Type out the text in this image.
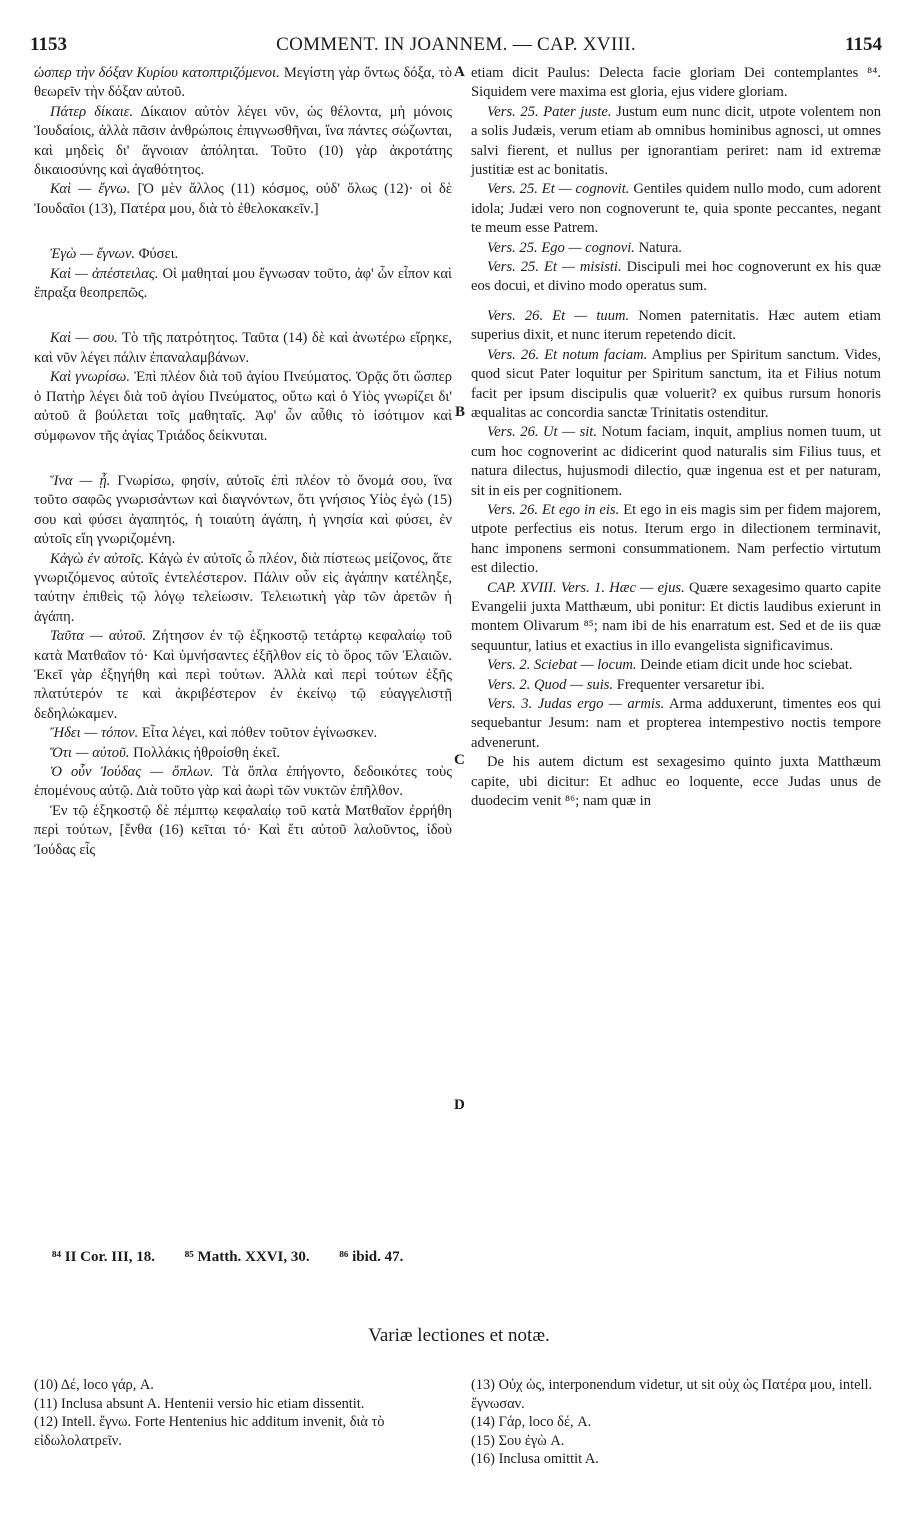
1153	COMMENT. IN JOANNEM. — CAP. XVIII.	1154

ὡσπερ τὴν δόξαν Κυρίου κατοπτριζόμενοι. Μεγίστη γὰρ ὄντως δόξα, τὸ θεωρεῖν τὴν δόξαν αὐτοῦ.

Πάτερ δίκαιε. Δίκαιον αὐτὸν λέγει νῦν, ὡς θέλοντα, μὴ μόνοις Ἰουδαίοις, ἀλλὰ πᾶσιν ἀνθρώποις ἐπιγνωσθῆναι, ἵνα πάντες σώζωνται, καὶ μηδεὶς δι' ἄγνοιαν ἀπόληται. Τοῦτο (10) γὰρ ἀκροτάτης δικαιοσύνης καὶ ἀγαθότητος.

Καὶ — ἔγνω. [Ὁ μὲν ἄλλος (11) κόσμος, οὐδ' ὅλως (12)· οἱ δὲ Ἰουδαῖοι (13), Πατέρα μου, διὰ τὸ ἐθελοκακεῖν.]

Ἐγὼ — ἔγνων. Φύσει.

Καὶ — ἀπέστειλας. Οἱ μαθηταί μου ἔγνωσαν τοῦτο, ἀφ' ὧν εἶπον καὶ ἔπραξα θεοπρεπῶς.

Καὶ — σου. Τὸ τῆς πατρότητος. Ταῦτα (14) δὲ καὶ ἀνωτέρω εἴρηκε, καὶ νῦν λέγει πάλιν ἐπαναλαμβάνων.

Καὶ γνωρίσω. Ἐπὶ πλέον διὰ τοῦ ἁγίου Πνεύματος. Ὁρᾷς ὅτι ὥσπερ ὁ Πατὴρ λέγει διὰ τοῦ ἁγίου Πνεύματος, οὕτω καὶ ὁ Υἱὸς γνωρίζει δι' αὐτοῦ ἃ βούλεται τοῖς μαθηταῖς. Ἀφ' ὧν αὖθις τὸ ἰσότιμον καὶ σύμφωνον τῆς ἁγίας Τριάδος δείκνυται.

Ἵνα — ᾖ. Γνωρίσω, φησίν, αὐτοῖς ἐπὶ πλέον τὸ ὄνομά σου, ἵνα τοῦτο σαφῶς γνωρισάντων καὶ διαγνόντων, ὅτι γνήσιος Υἱὸς ἐγὼ (15) σου καὶ φύσει ἀγαπητός, ἡ τοιαύτη ἀγάπη, ἡ γνησία καὶ φύσει, ἐν αὐτοῖς εἴη γνωριζομένη.

Κἀγὼ ἐν αὐτοῖς. Κἀγὼ ἐν αὐτοῖς ὦ πλέον, διὰ πίστεως μείζονος, ἅτε γνωριζόμενος αὐτοῖς ἐντελέστερον. Πάλιν οὖν εἰς ἀγάπην κατέληξε, ταύτην ἐπιθεὶς τῷ λόγῳ τελείωσιν. Τελειωτικὴ γὰρ τῶν ἀρετῶν ἡ ἀγάπη.

Ταῦτα — αὐτοῦ. Ζήτησον ἐν τῷ ἑξηκοστῷ τετάρτῳ κεφαλαίῳ τοῦ κατὰ Ματθαῖον τό· Καὶ ὑμνήσαντες ἐξῆλθον εἰς τὸ ὄρος τῶν Ἐλαιῶν. Ἐκεῖ γὰρ ἐξηγήθη καὶ περὶ τούτων. Ἀλλὰ καὶ περὶ τούτων ἑξῆς πλατύτερόν τε καὶ ἀκριβέστερον ἐν ἐκείνῳ τῷ εὐαγγελιστῇ δεδηλώκαμεν.

Ἤδει — τόπον. Εἶτα λέγει, καὶ πόθεν τοῦτον ἐγίνωσκεν.

Ὅτι — αὐτοῦ. Πολλάκις ἠθροίσθη ἐκεῖ.

Ὁ οὖν Ἰούδας — ὅπλων. Τὰ ὅπλα ἐπήγοντο, δεδοικότες τοὺς ἑπομένους αὐτῷ. Διὰ τοῦτο γὰρ καὶ ἀωρὶ τῶν νυκτῶν ἐπῆλθον.

Ἐν τῷ ἑξηκοστῷ δὲ πέμπτῳ κεφαλαίῳ τοῦ κατὰ Ματθαῖον ἐρρήθη περὶ τούτων, [ἔνθα (16) κεῖται τό· Καὶ ἔτι αὐτοῦ λαλοῦντος, ἰδοὺ Ἰούδας εἷς

A
B
C
D

etiam dicit Paulus: Delecta facie gloriam Dei contemplantes ⁸⁴. Siquidem vere maxima est gloria, ejus videre gloriam.

Vers. 25. Pater juste. Justum eum nunc dicit, utpote volentem non a solis Judæis, verum etiam ab omnibus hominibus agnosci, ut omnes salvi fierent, et nullus per ignorantiam periret: nam id extremæ justitiæ est ac bonitatis.

Vers. 25. Et — cognovit. Gentiles quidem nullo modo, cum adorent idola; Judæi vero non cognoverunt te, quia sponte peccantes, negant te meum esse Patrem.

Vers. 25. Ego — cognovi. Natura.

Vers. 25. Et — misisti. Discipuli mei hoc cognoverunt ex his quæ eos docui, et divino modo operatus sum.

Vers. 26. Et — tuum. Nomen paternitatis. Hæc autem etiam superius dixit, et nunc iterum repetendo dicit.

Vers. 26. Et notum faciam. Amplius per Spiritum sanctum. Vides, quod sicut Pater loquitur per Spiritum sanctum, ita et Filius notum facit per ipsum discipulis quæ voluerit? ex quibus rursum honoris æqualitas ac concordia sanctæ Trinitatis ostenditur.

Vers. 26. Ut — sit. Notum faciam, inquit, amplius nomen tuum, ut cum hoc cognoverint ac didicerint quod naturalis sim Filius tuus, et natura dilectus, hujusmodi dilectio, quæ ingenua est et per naturam, sit in eis per cognitionem.

Vers. 26. Et ego in eis. Et ego in eis magis sim per fidem majorem, utpote perfectius eis notus. Iterum ergo in dilectionem terminavit, hanc imponens sermoni consummationem. Nam perfectio virtutum est dilectio.

CAP. XVIII. Vers. 1. Hæc — ejus. Quære sexagesimo quarto capite Evangelii juxta Matthæum, ubi ponitur: Et dictis laudibus exierunt in montem Olivarum ⁸⁵; nam ibi de his enarratum est. Sed et de iis quæ sequuntur, latius et exactius in illo evangelista significavimus.

Vers. 2. Sciebat — locum. Deinde etiam dicit unde hoc sciebat.

Vers. 2. Quod — suis. Frequenter versaretur ibi.

Vers. 3. Judas ergo — armis. Arma adduxerunt, timentes eos qui sequebantur Jesum: nam et propterea intempestivo noctis tempore advenerunt.

De his autem dictum est sexagesimo quinto juxta Matthæum capite, ubi dicitur: Et adhuc eo loquente, ecce Judas unus de duodecim venit ⁸⁶; nam quæ in

⁸⁴ II Cor. III, 18. ⁸⁵ Matth. XXVI, 30. ⁸⁶ ibid. 47.
Variæ lectiones et notæ.

(10) Δέ, loco γάρ, A.

(11) Inclusa absunt A. Hentenii versio hic etiam dissentit.

(12) Intell. ἔγνω. Forte Hentenius hic additum invenit, διὰ τὸ εἰδωλολατρεῖν.

(13) Οὐχ ὡς, interponendum videtur, ut sit οὐχ ὡς Πατέρα μου, intell. ἔγνωσαν.

(14) Γάρ, loco δέ, A.

(15) Σου ἐγὼ A.

(16) Inclusa omittit A.
